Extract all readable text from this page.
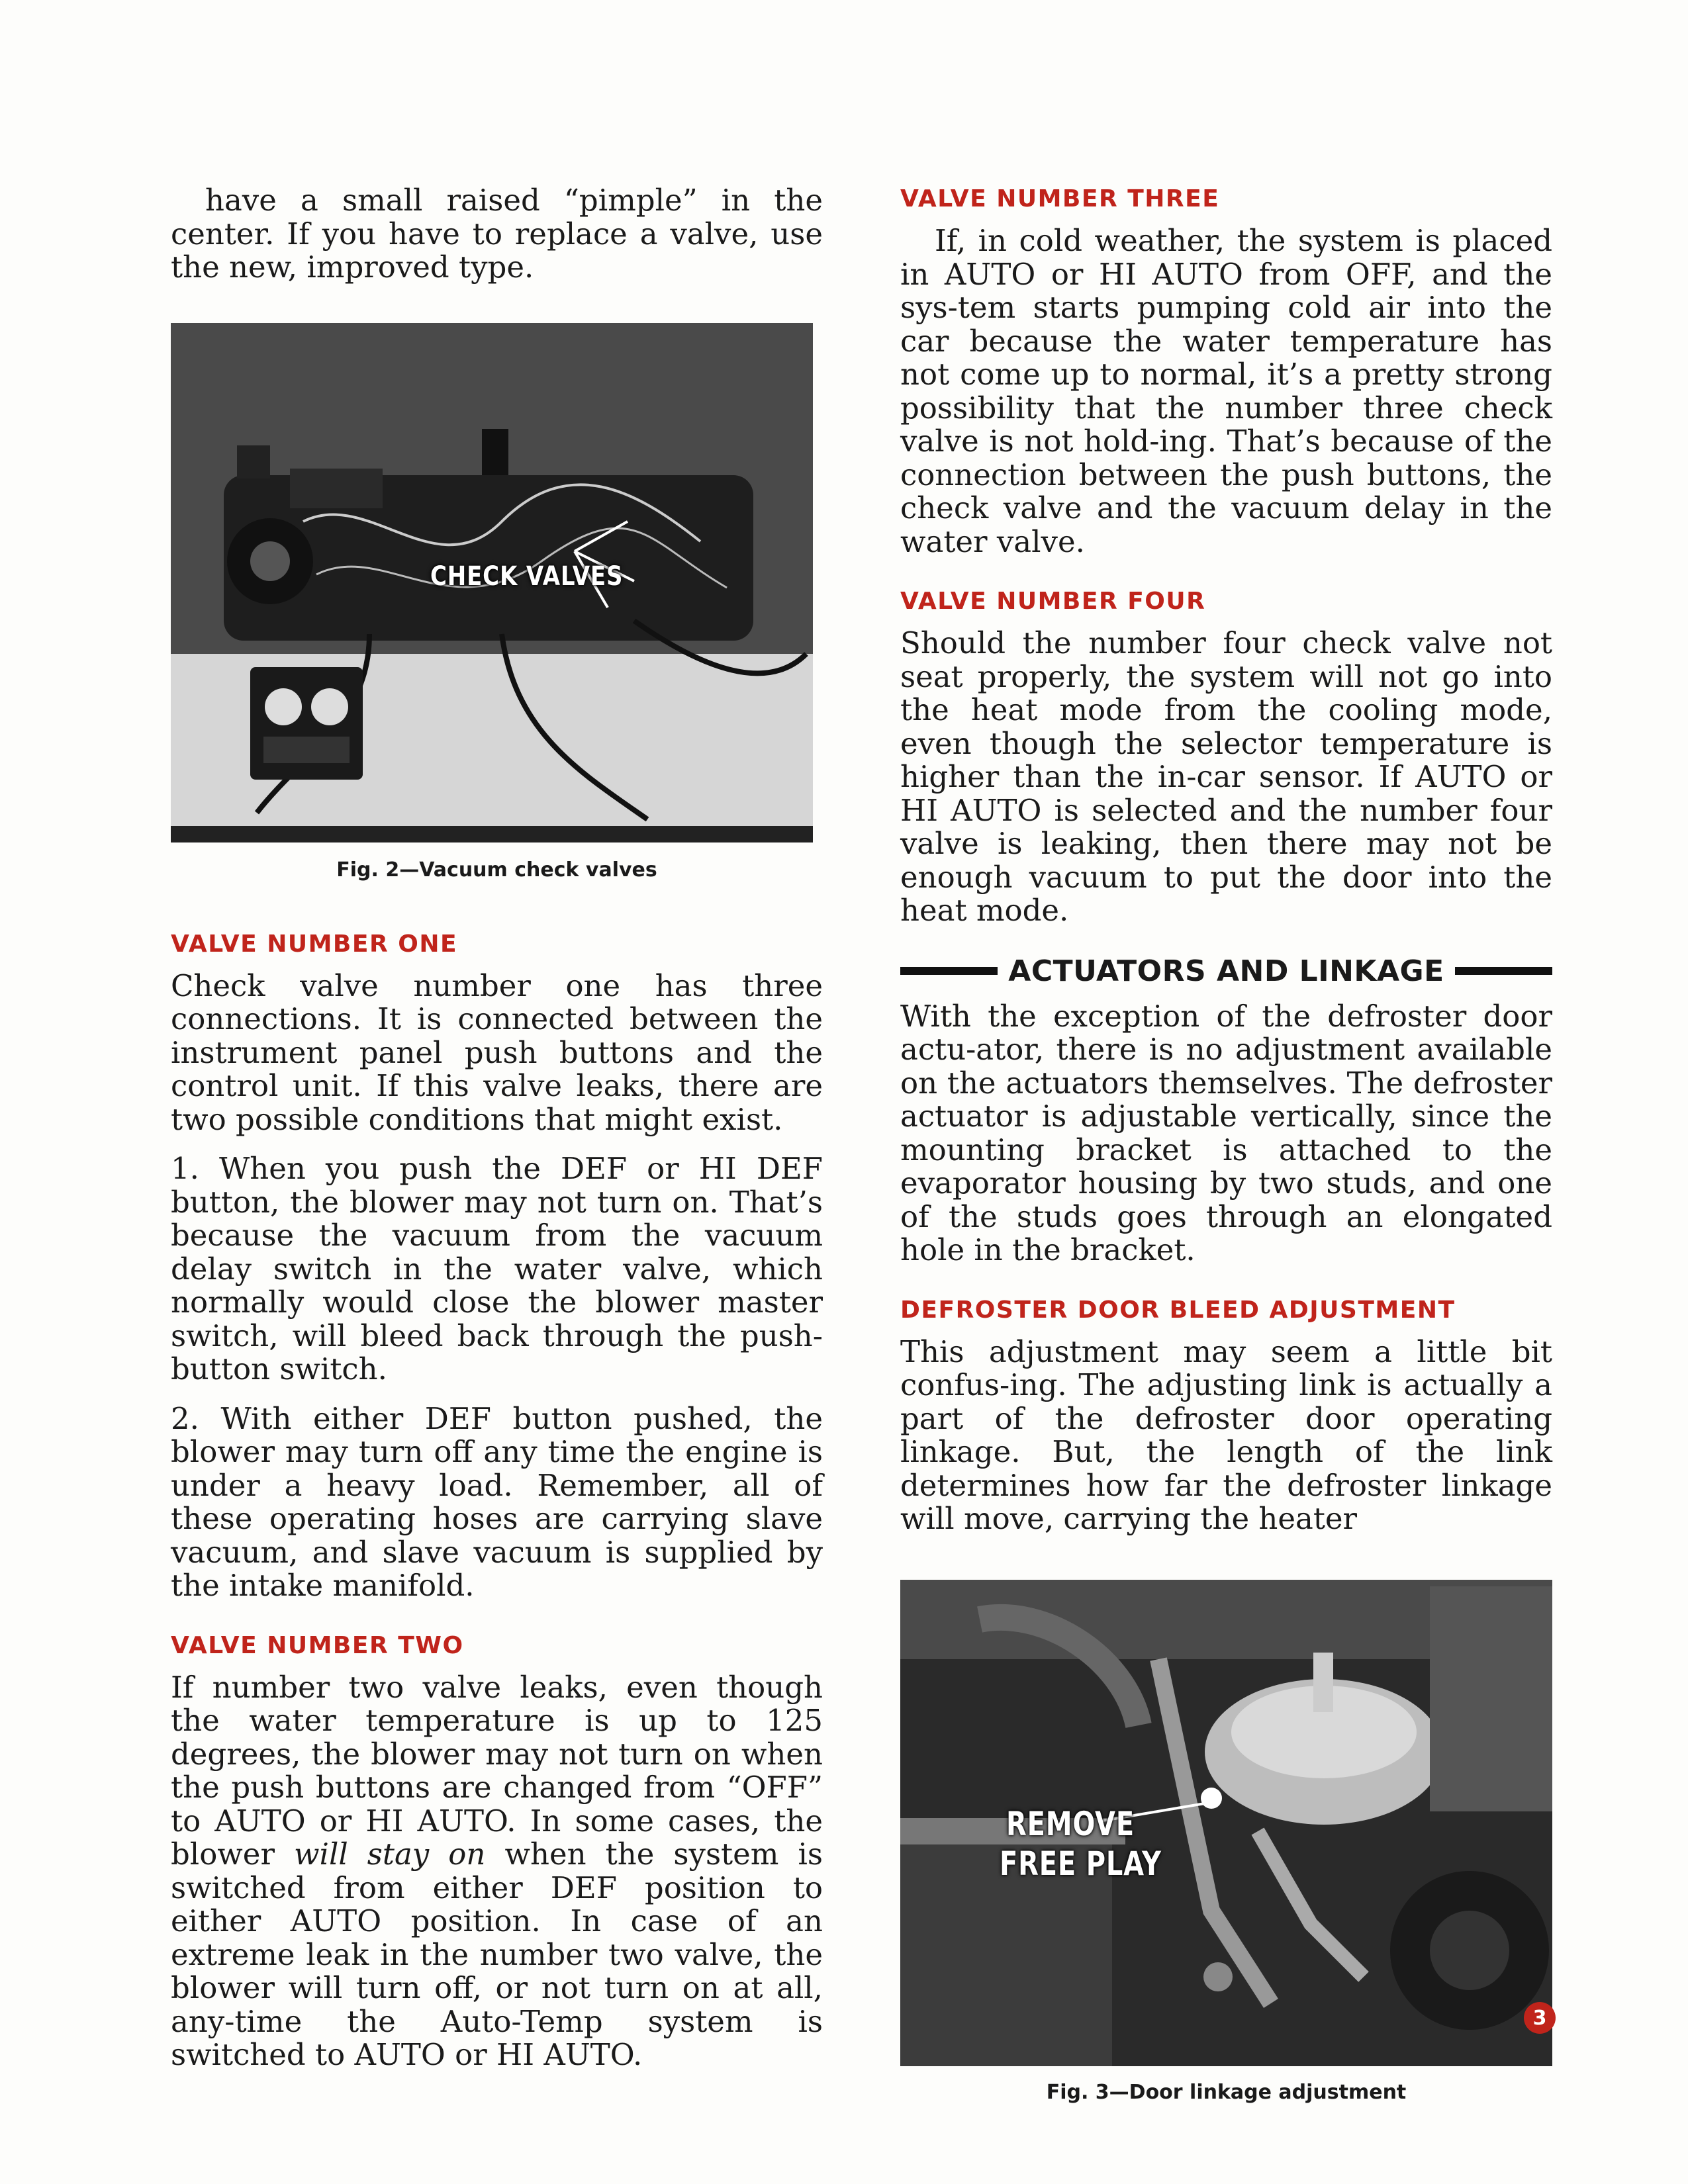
have a small raised “pimple” in the center. If you have to replace a valve, use the new, improved type.

CHECK VALVES
Fig. 2—Vacuum check valves
VALVE NUMBER ONE

Check valve number one has three connections. It is connected between the instrument panel push buttons and the control unit. If this valve leaks, there are two possible conditions that might exist.

1. When you push the DEF or HI DEF button, the blower may not turn on. That’s because the vacuum from the vacuum delay switch in the water valve, which normally would close the blower master switch, will bleed back through the push-button switch.

2. With either DEF button pushed, the blower may turn off any time the engine is under a heavy load. Remember, all of these operating hoses are carrying slave vacuum, and slave vacuum is supplied by the intake manifold.

VALVE NUMBER TWO

If number two valve leaks, even though the water temperature is up to 125 degrees, the blower may not turn on when the push buttons are changed from “OFF” to AUTO or HI AUTO. In some cases, the blower will stay on when the system is switched from either DEF position to either AUTO position. In case of an extreme leak in the number two valve, the blower will turn off, or not turn on at all, any-time the Auto-Temp system is switched to AUTO or HI AUTO.

VALVE NUMBER THREE

If, in cold weather, the system is placed in AUTO or HI AUTO from OFF, and the sys-tem starts pumping cold air into the car because the water temperature has not come up to normal, it’s a pretty strong possibility that the number three check valve is not hold-ing. That’s because of the connection between the push buttons, the check valve and the vacuum delay in the water valve.

VALVE NUMBER FOUR

Should the number four check valve not seat properly, the system will not go into the heat mode from the cooling mode, even though the selector temperature is higher than the in-car sensor. If AUTO or HI AUTO is selected and the number four valve is leaking, then there may not be enough vacuum to put the door into the heat mode.

ACTUATORS AND LINKAGE

With the exception of the defroster door actu-ator, there is no adjustment available on the actuators themselves. The defroster actuator is adjustable vertically, since the mounting bracket is attached to the evaporator housing by two studs, and one of the studs goes through an elongated hole in the bracket.

DEFROSTER DOOR BLEED ADJUSTMENT

This adjustment may seem a little bit confus-ing. The adjusting link is actually a part of the defroster door operating linkage. But, the length of the link determines how far the defroster linkage will move, carrying the heater

REMOVE
FREE PLAY
Fig. 3—Door linkage adjustment
3
